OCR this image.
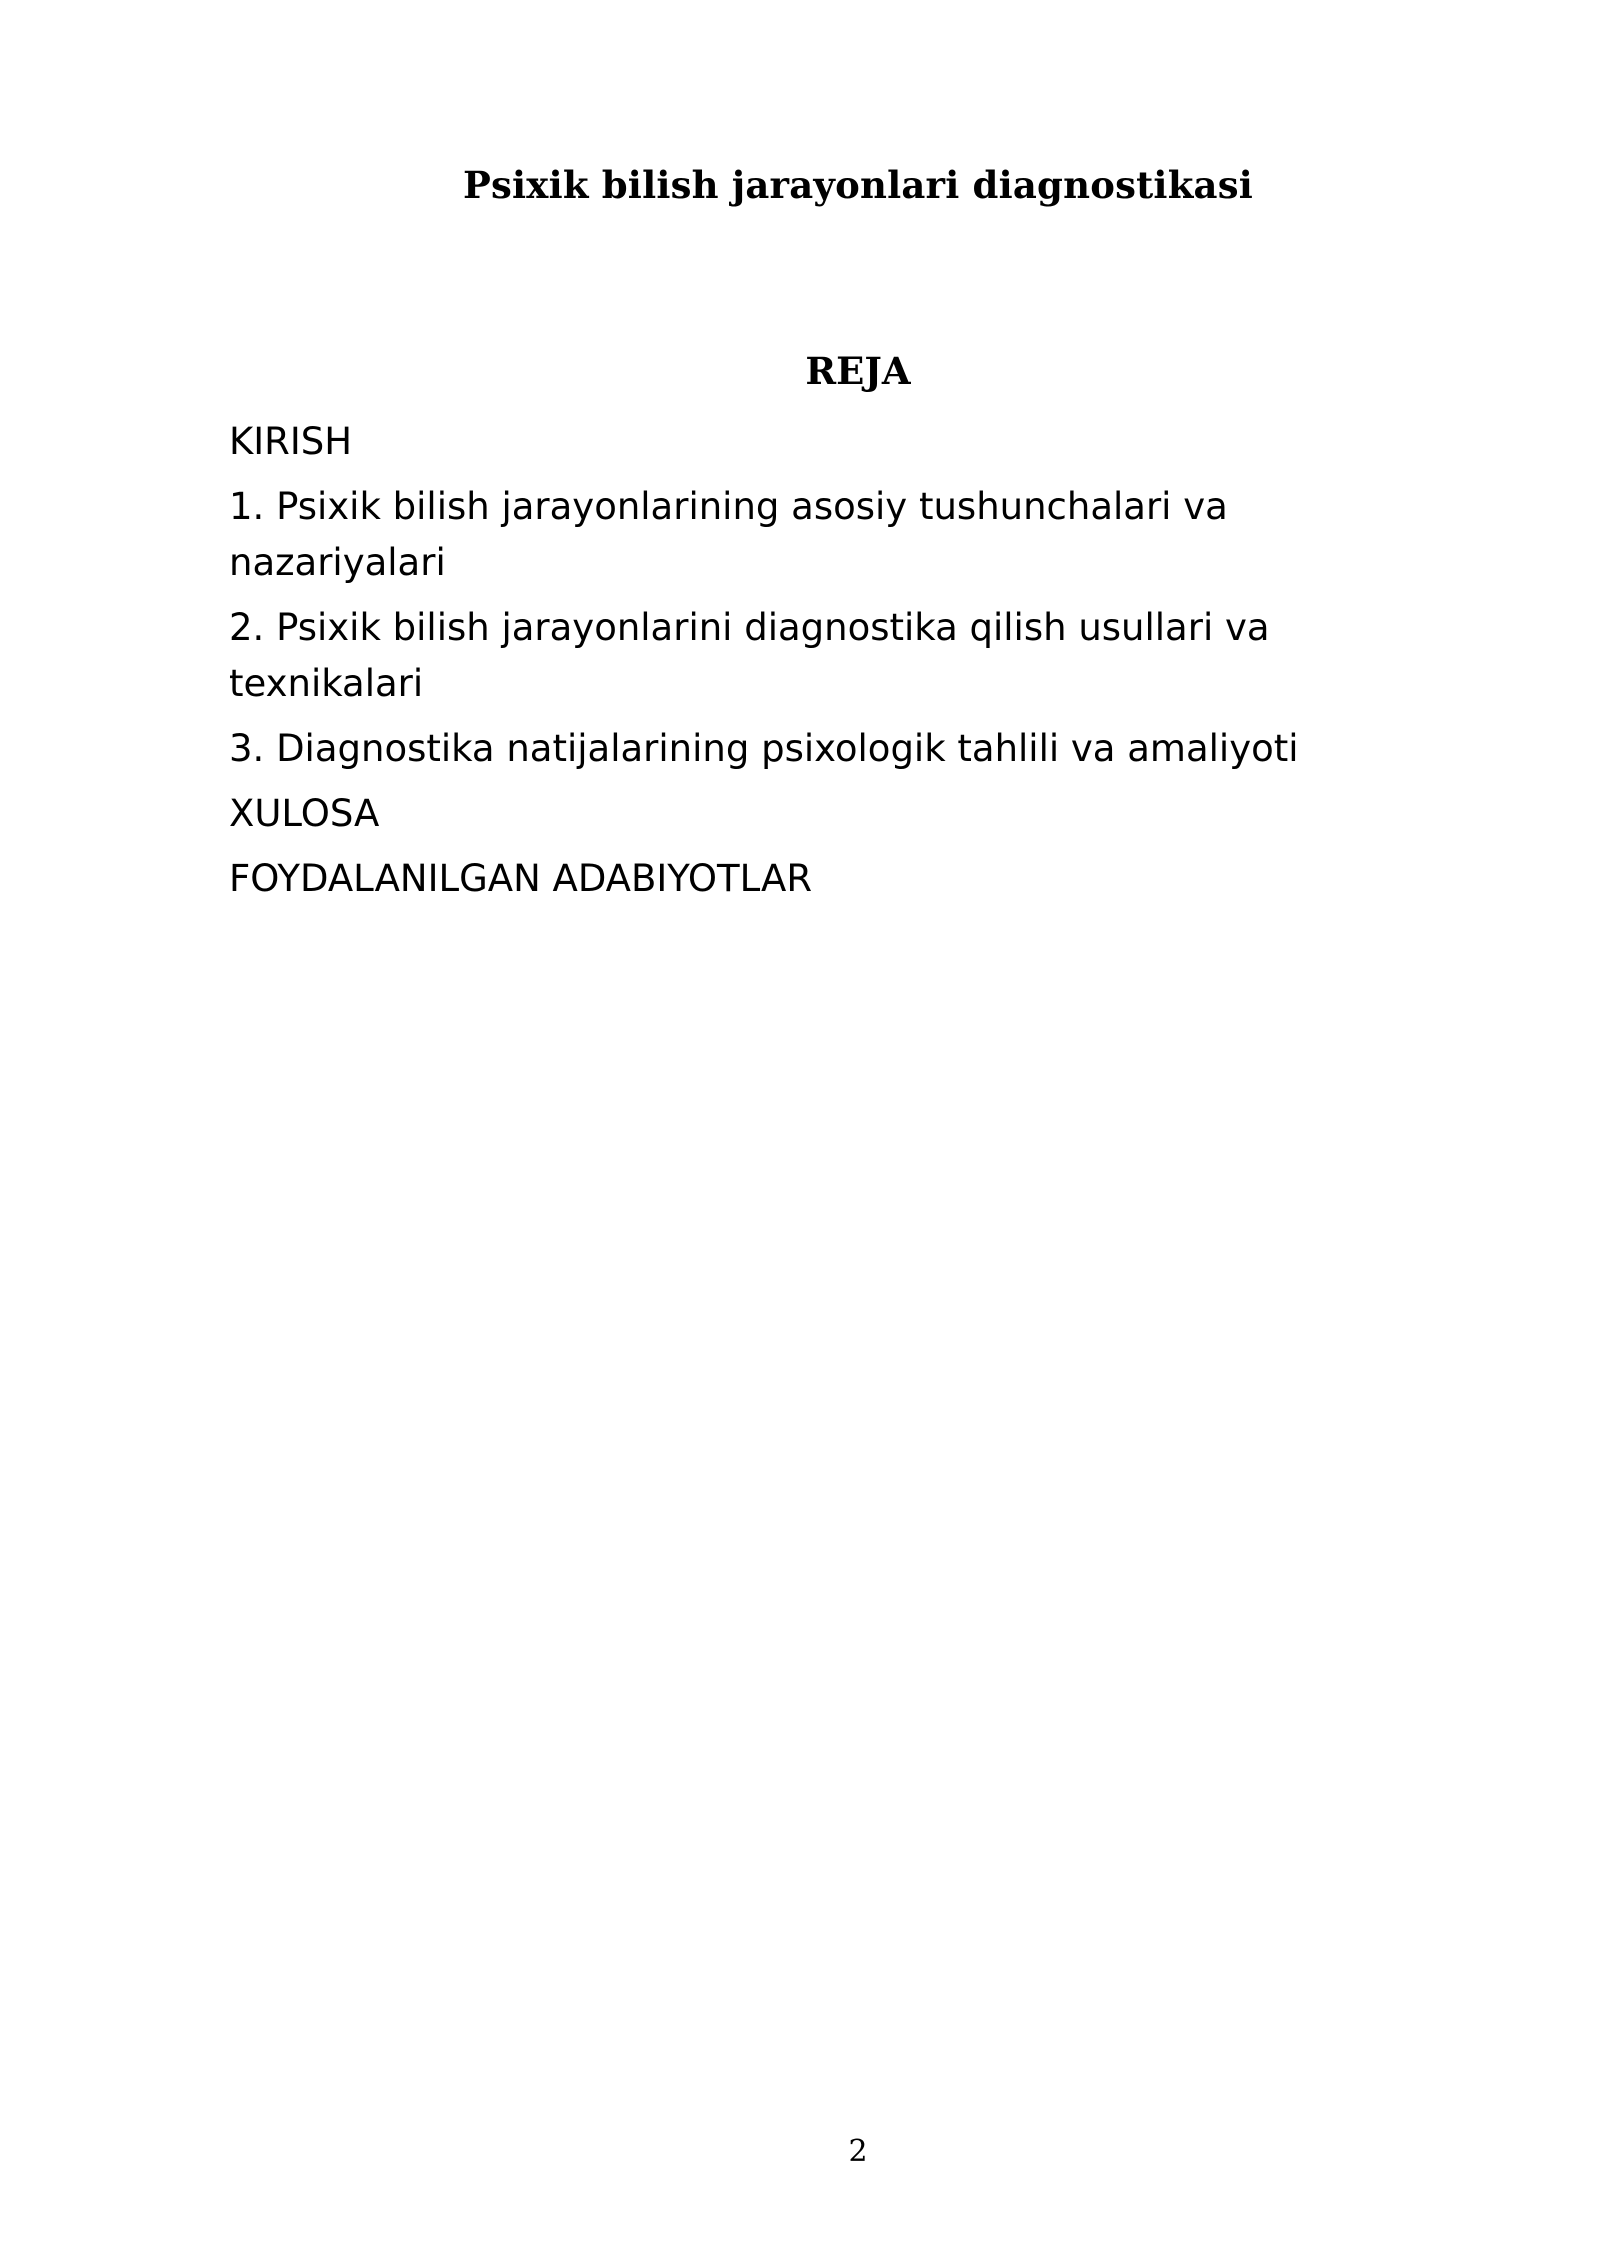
Psixik bilish jarayonlari diagnostikasi
REJA
KIRISH
1. Psixik bilish jarayonlarining asosiy tushunchalari va nazariyalari
2. Psixik bilish jarayonlarini diagnostika qilish usullari va texnikalari
3. Diagnostika natijalarining psixologik tahlili va amaliyoti
XULOSA
FOYDALANILGAN ADABIYOTLAR
2
